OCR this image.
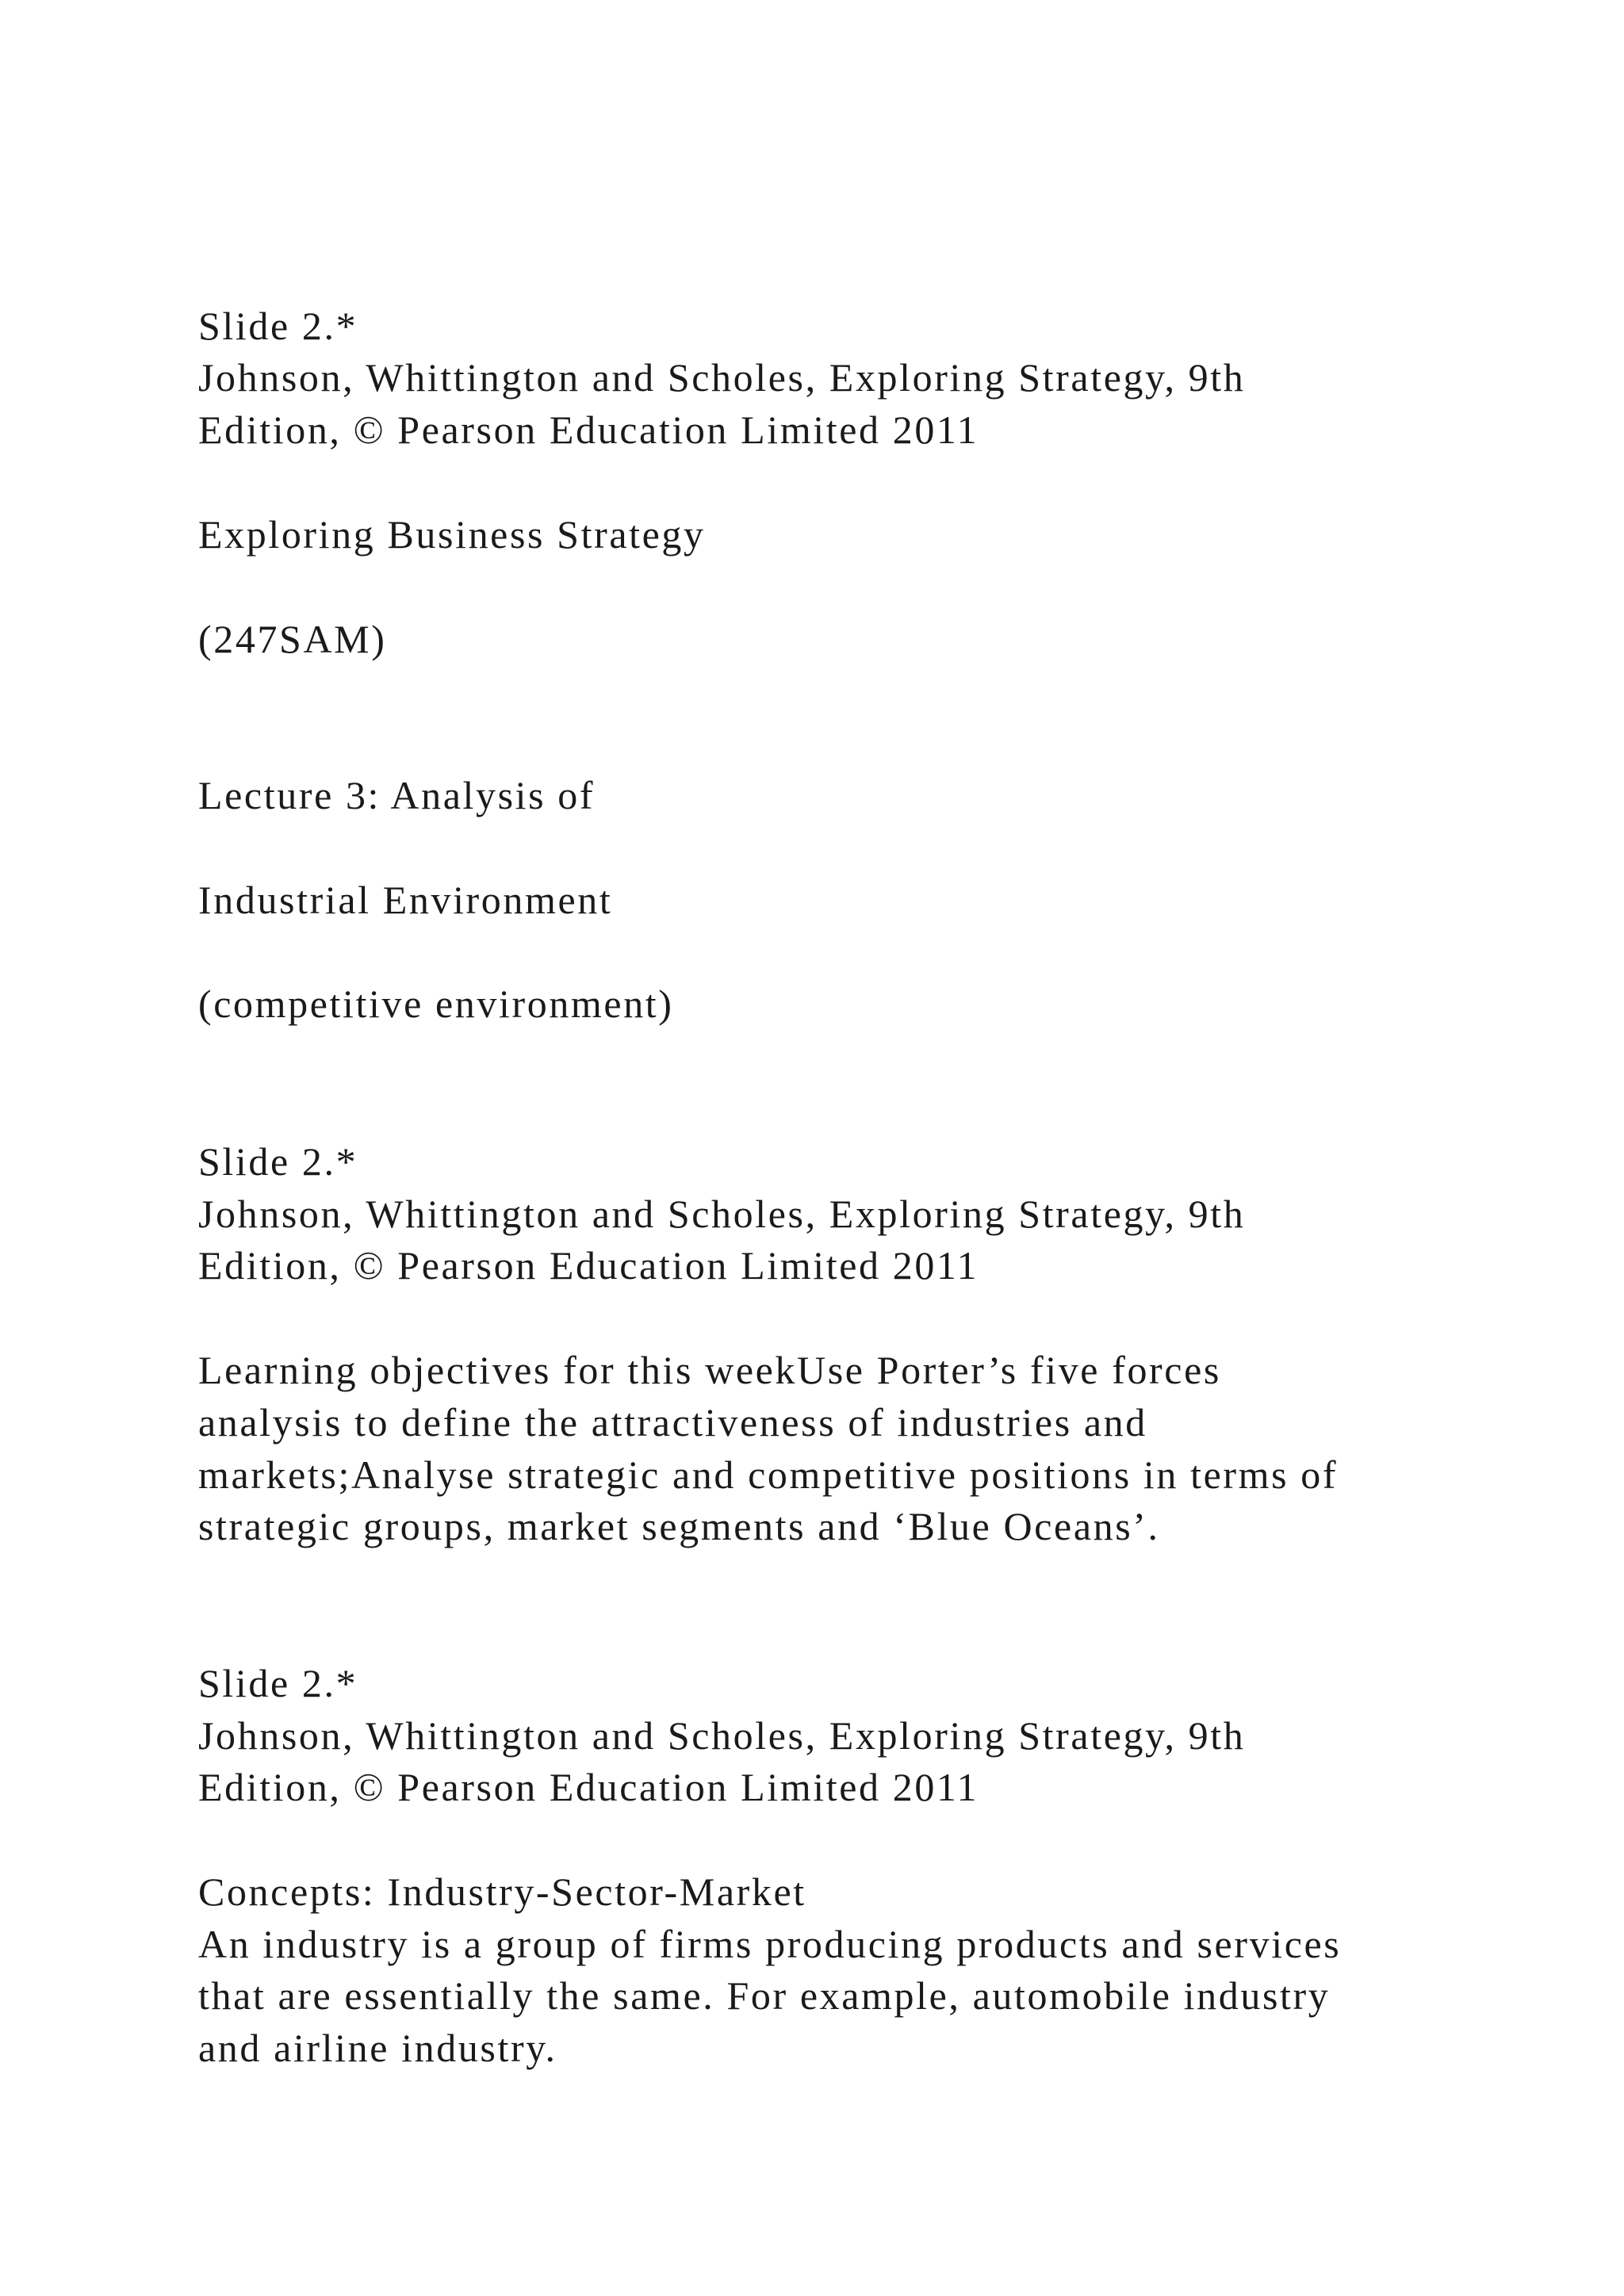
Slide 2.*

Johnson, Whittington and Scholes, Exploring Strategy, 9th

Edition, © Pearson Education Limited 2011

Exploring Business Strategy

(247SAM)

Lecture 3: Analysis of

Industrial Environment

(competitive environment)

Slide 2.*

Johnson, Whittington and Scholes, Exploring Strategy, 9th

Edition, © Pearson Education Limited 2011

Learning objectives for this weekUse Porter’s five forces

analysis to define the attractiveness of industries and

markets;Analyse strategic and competitive positions in terms of

strategic groups, market segments and ‘Blue Oceans’.

Slide 2.*

Johnson, Whittington and Scholes, Exploring Strategy, 9th

Edition, © Pearson Education Limited 2011

Concepts: Industry-Sector-Market

An industry is a group of firms producing products and services

that are essentially the same. For example, automobile industry

and airline industry.
